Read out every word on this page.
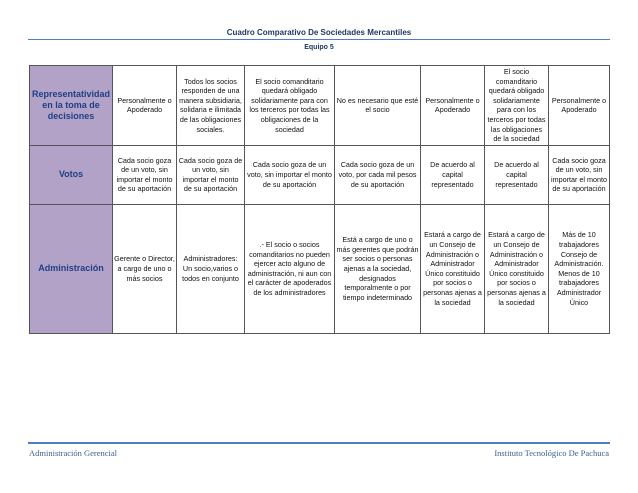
Cuadro Comparativo De Sociedades Mercantiles
Equipo 5
Representatividad en la toma de decisiones	Personalmente o Apoderado	Todos los socios responden de una manera subsidiaria, solidaria e ilimitada de las obligaciones sociales.	El socio comanditario quedará obligado solidariamente para con los terceros por todas las obligaciones de la sociedad	No es necesario que esté el socio	Personalmente o Apoderado	El socio comanditario quedará obligado solidariamente para con los terceros por todas las obligaciones de la sociedad	Personalmente o Apoderado
Votos	Cada socio goza de un voto, sin importar el monto de su aportación	Cada socio goza de un voto, sin importar el monto de su aportación	Cada socio goza de un voto, sin importar el monto de su aportación	Cada socio goza de un voto, por cada mil pesos de su aportación	De acuerdo al capital representado	De acuerdo al capital representado	Cada socio goza de un voto, sin importar el monto de su aportación
Administración	Gerente o Director, a cargo de uno o más socios	Administradores: Un socio,varios o todos en conjunto	.- El socio o socios comanditarios no pueden ejercer acto alguno de administración, ni aun con el carácter de apoderados de los administradores	Está a cargo de uno o más gerentes que podrán ser socios o personas ajenas a la sociedad, designados temporalmente o por tiempo indeterminado	Estará a cargo de un Consejo de Administración o Administrador Único constituido por socios o personas ajenas a la sociedad	Estará a cargo de un Consejo de Administración o Administrador Único constituido por socios o personas ajenas a la sociedad	Más de 10 trabajadores Consejo de Administración. Menos de 10 trabajadores Administrador Único
Administración Gerencial	Instituto Tecnológico De Pachuca
